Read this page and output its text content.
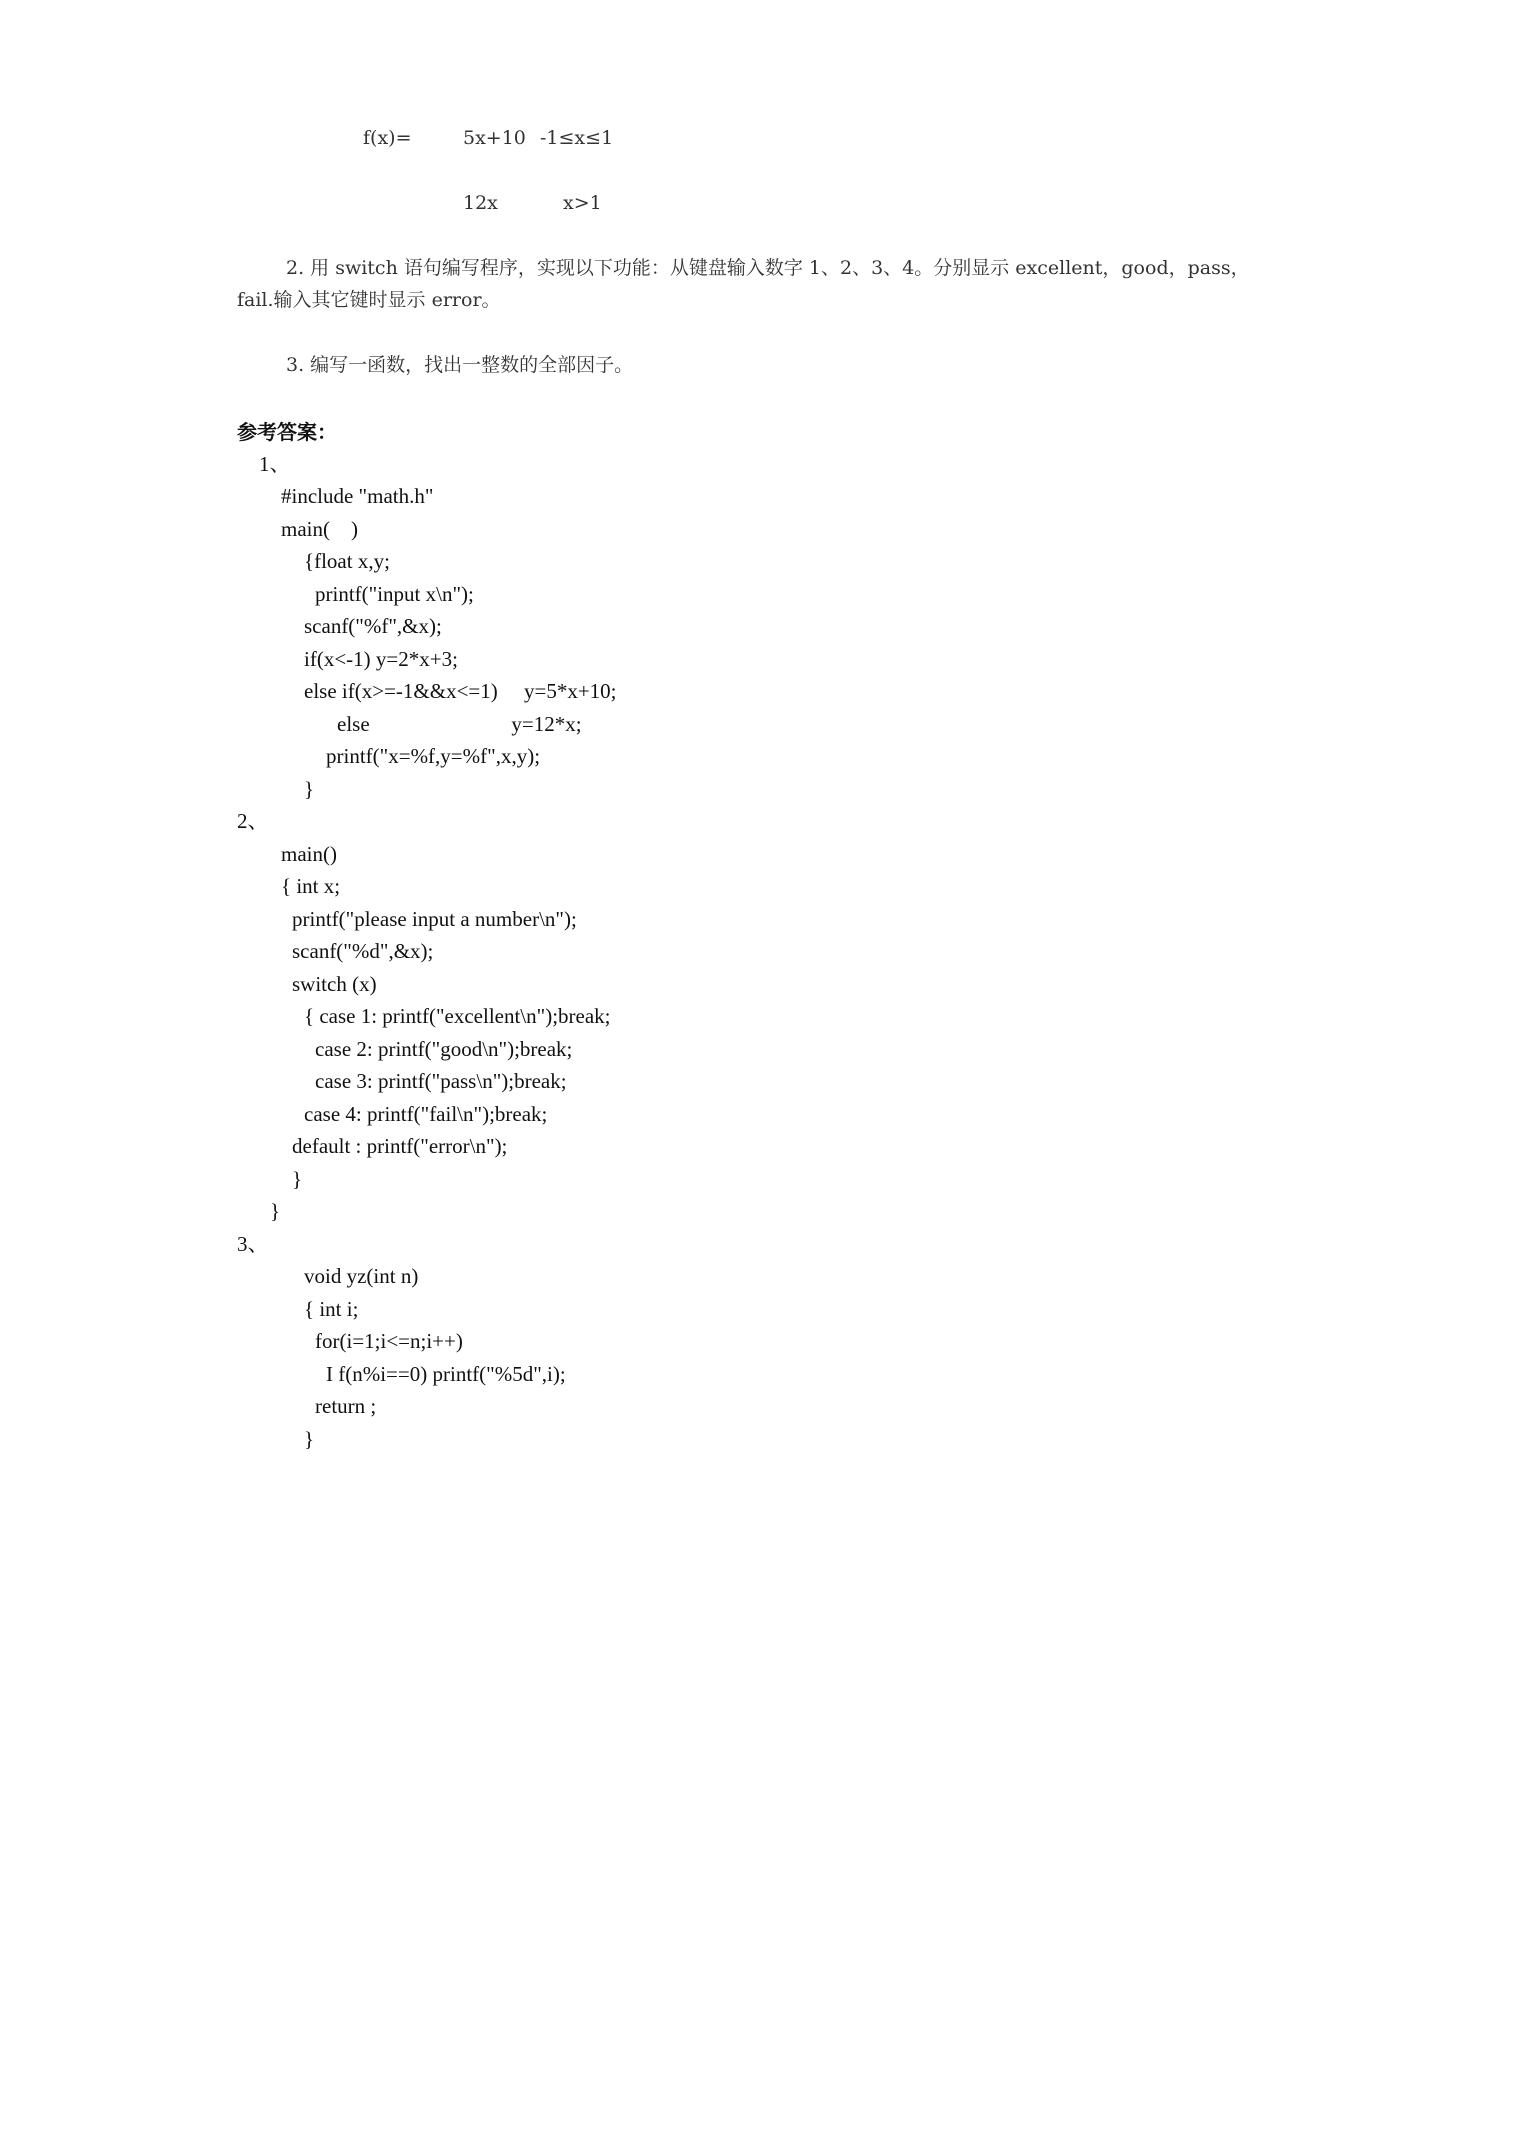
f(x)=	5x+10 -1≤x≤1
12x	x>1
2. 用 switch 语句编写程序，实现以下功能：从键盘输入数字 1、2、3、4。分别显示 excellent，good，pass，
fail.输入其它键时显示 error。
3. 编写一函数，找出一整数的全部因子。
参考答案：
1、
#include "math.h"
main(    )
{float x,y;
printf("input x\n");
scanf("%f",&x);
if(x<-1) y=2*x+3;
else if(x>=-1&&x<=1)     y=5*x+10;
else                           y=12*x;
printf("x=%f,y=%f",x,y);
}
2、
main()
{ int x;
printf("please input a number\n");
scanf("%d",&x);
switch (x)
{ case 1: printf("excellent\n");break;
case 2: printf("good\n");break;
case 3: printf("pass\n");break;
case 4: printf("fail\n");break;
default : printf("error\n");
}
}
3、
void yz(int n)
{ int i;
for(i=1;i<=n;i++)
I f(n%i==0) printf("%5d",i);
return ;
}
